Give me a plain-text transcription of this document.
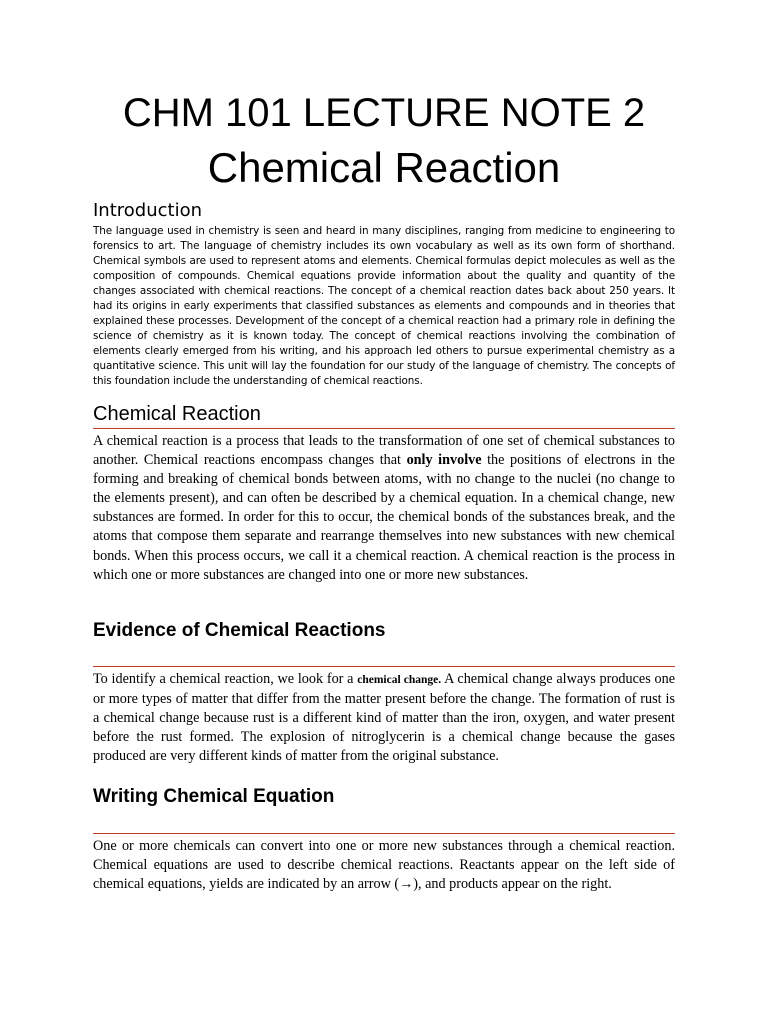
CHM 101 LECTURE NOTE 2
Chemical Reaction
Introduction

The language used in chemistry is seen and heard in many disciplines, ranging from medicine to engineering to forensics to art. The language of chemistry includes its own vocabulary as well as its own form of shorthand. Chemical symbols are used to represent atoms and elements. Chemical formulas depict molecules as well as the composition of compounds. Chemical equations provide information about the quality and quantity of the changes associated with chemical reactions. The concept of a chemical reaction dates back about 250 years. It had its origins in early experiments that classified substances as elements and compounds and in theories that explained these processes. Development of the concept of a chemical reaction had a primary role in defining the science of chemistry as it is known today. The concept of chemical reactions involving the combination of elements clearly emerged from his writing, and his approach led others to pursue experimental chemistry as a quantitative science. This unit will lay the foundation for our study of the language of chemistry. The concepts of this foundation include the understanding of chemical reactions.

Chemical Reaction

A chemical reaction is a process that leads to the transformation of one set of chemical substances to another. Chemical reactions encompass changes that only involve the positions of electrons in the forming and breaking of chemical bonds between atoms, with no change to the nuclei (no change to the elements present), and can often be described by a chemical equation. In a chemical change, new substances are formed. In order for this to occur, the chemical bonds of the substances break, and the atoms that compose them separate and rearrange themselves into new substances with new chemical bonds. When this process occurs, we call it a chemical reaction. A chemical reaction is the process in which one or more substances are changed into one or more new substances.

Evidence of Chemical Reactions

To identify a chemical reaction, we look for a chemical change. A chemical change always produces one or more types of matter that differ from the matter present before the change. The formation of rust is a chemical change because rust is a different kind of matter than the iron, oxygen, and water present before the rust formed. The explosion of nitroglycerin is a chemical change because the gases produced are very different kinds of matter from the original substance.

Writing Chemical Equation

One or more chemicals can convert into one or more new substances through a chemical reaction. Chemical equations are used to describe chemical reactions. Reactants appear on the left side of chemical equations, yields are indicated by an arrow (→), and products appear on the right.
